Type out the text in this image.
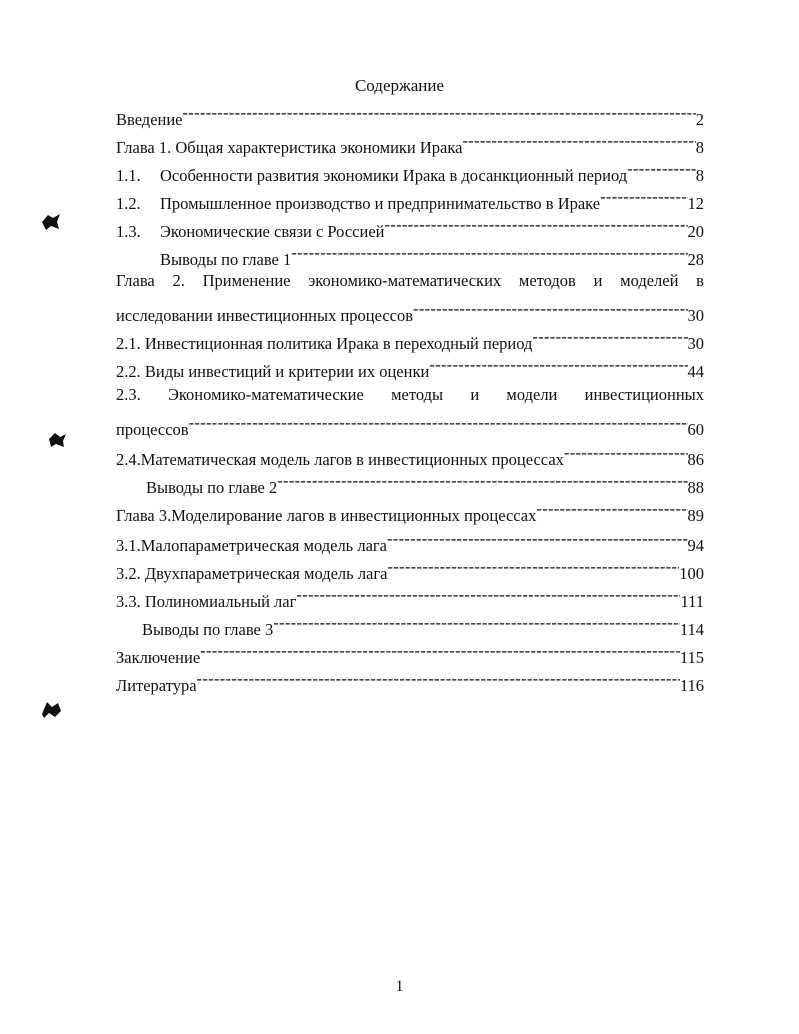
Содержание
Введение -----	2
Глава 1. Общая характеристика экономики Ирака -----	8
1.1.	Особенности развития экономики Ирака в досанкционный период -----	8
1.2.	Промышленное производство и предпринимательство в Ираке -----	12
1.3.	Экономические связи с Россией -----	20
Выводы по главе 1 -----	28
Глава 2. Применение экономико-математических методов и моделей в
исследовании инвестиционных процессов -----	30
2.1. Инвестиционная политика Ирака в переходный период -----	30
2.2. Виды инвестиций и критерии их оценки -----	44
2.3. Экономико-математические методы и модели инвестиционных
процессов -----	60
2.4.Математическая модель лагов в инвестиционных процессах -----	86
Выводы по главе 2 -----	88
Глава 3.Моделирование лагов в инвестиционных процессах -----	89
3.1.Малопараметрическая модель лага -----	94
3.2. Двухпараметрическая модель лага -----	100
3.3. Полиномиальный лаг -----	111
Выводы по главе 3 -----	114
Заключение -----	115
Литература -----	116
1
